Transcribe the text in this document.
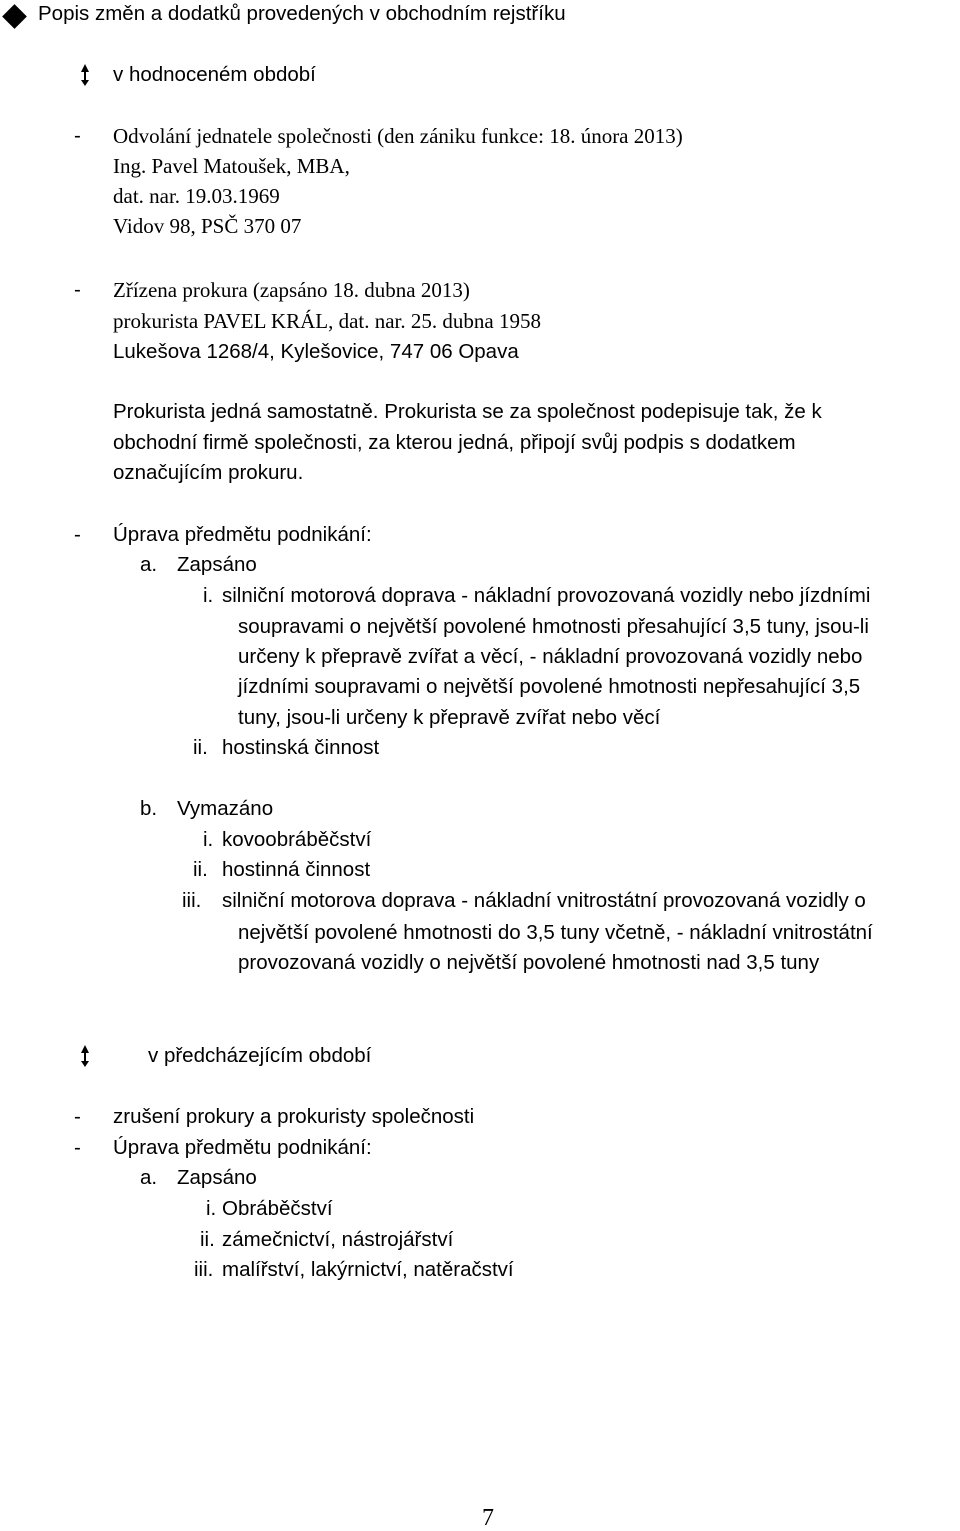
Popis změn a dodatků provedených v obchodním rejstříku
v hodnoceném období
- Odvolání jednatele společnosti (den zániku funkce: 18. února 2013)
Ing. Pavel Matoušek, MBA,
dat. nar. 19.03.1969
Vidov 98, PSČ 370 07
- Zřízena prokura (zapsáno 18. dubna 2013)
prokurista PAVEL KRÁL, dat. nar. 25. dubna 1958
Lukešova 1268/4, Kylešovice, 747 06 Opava
Prokurista jedná samostatně. Prokurista se za společnost podepisuje tak, že k
obchodní firmě společnosti, za kterou jedná, připojí svůj podpis s dodatkem
označujícím prokuru.
- Úprava předmětu podnikání:
a. Zapsáno
i. silniční motorová doprava - nákladní provozovaná vozidly nebo jízdními
soupravami o největší povolené hmotnosti přesahující 3,5 tuny, jsou-li
určeny k přepravě zvířat a věcí, - nákladní provozovaná vozidly nebo
jízdními soupravami o největší povolené hmotnosti nepřesahující 3,5
tuny, jsou-li určeny k přepravě zvířat nebo věcí
ii. hostinská činnost
b. Vymazáno
i. kovoobráběčství
ii. hostinná činnost
iii. silniční motorova doprava - nákladní vnitrostátní provozovaná vozidly o
největší povolené hmotnosti do 3,5 tuny včetně, - nákladní vnitrostátní
provozovaná vozidly o největší povolené hmotnosti nad 3,5 tuny
v předcházejícím období
- zrušení prokury a prokuristy společnosti
- Úprava předmětu podnikání:
a. Zapsáno
i. Obráběčství
ii. zámečnictví, nástrojářství
iii. malířství, lakýrnictví, natěračství
7
